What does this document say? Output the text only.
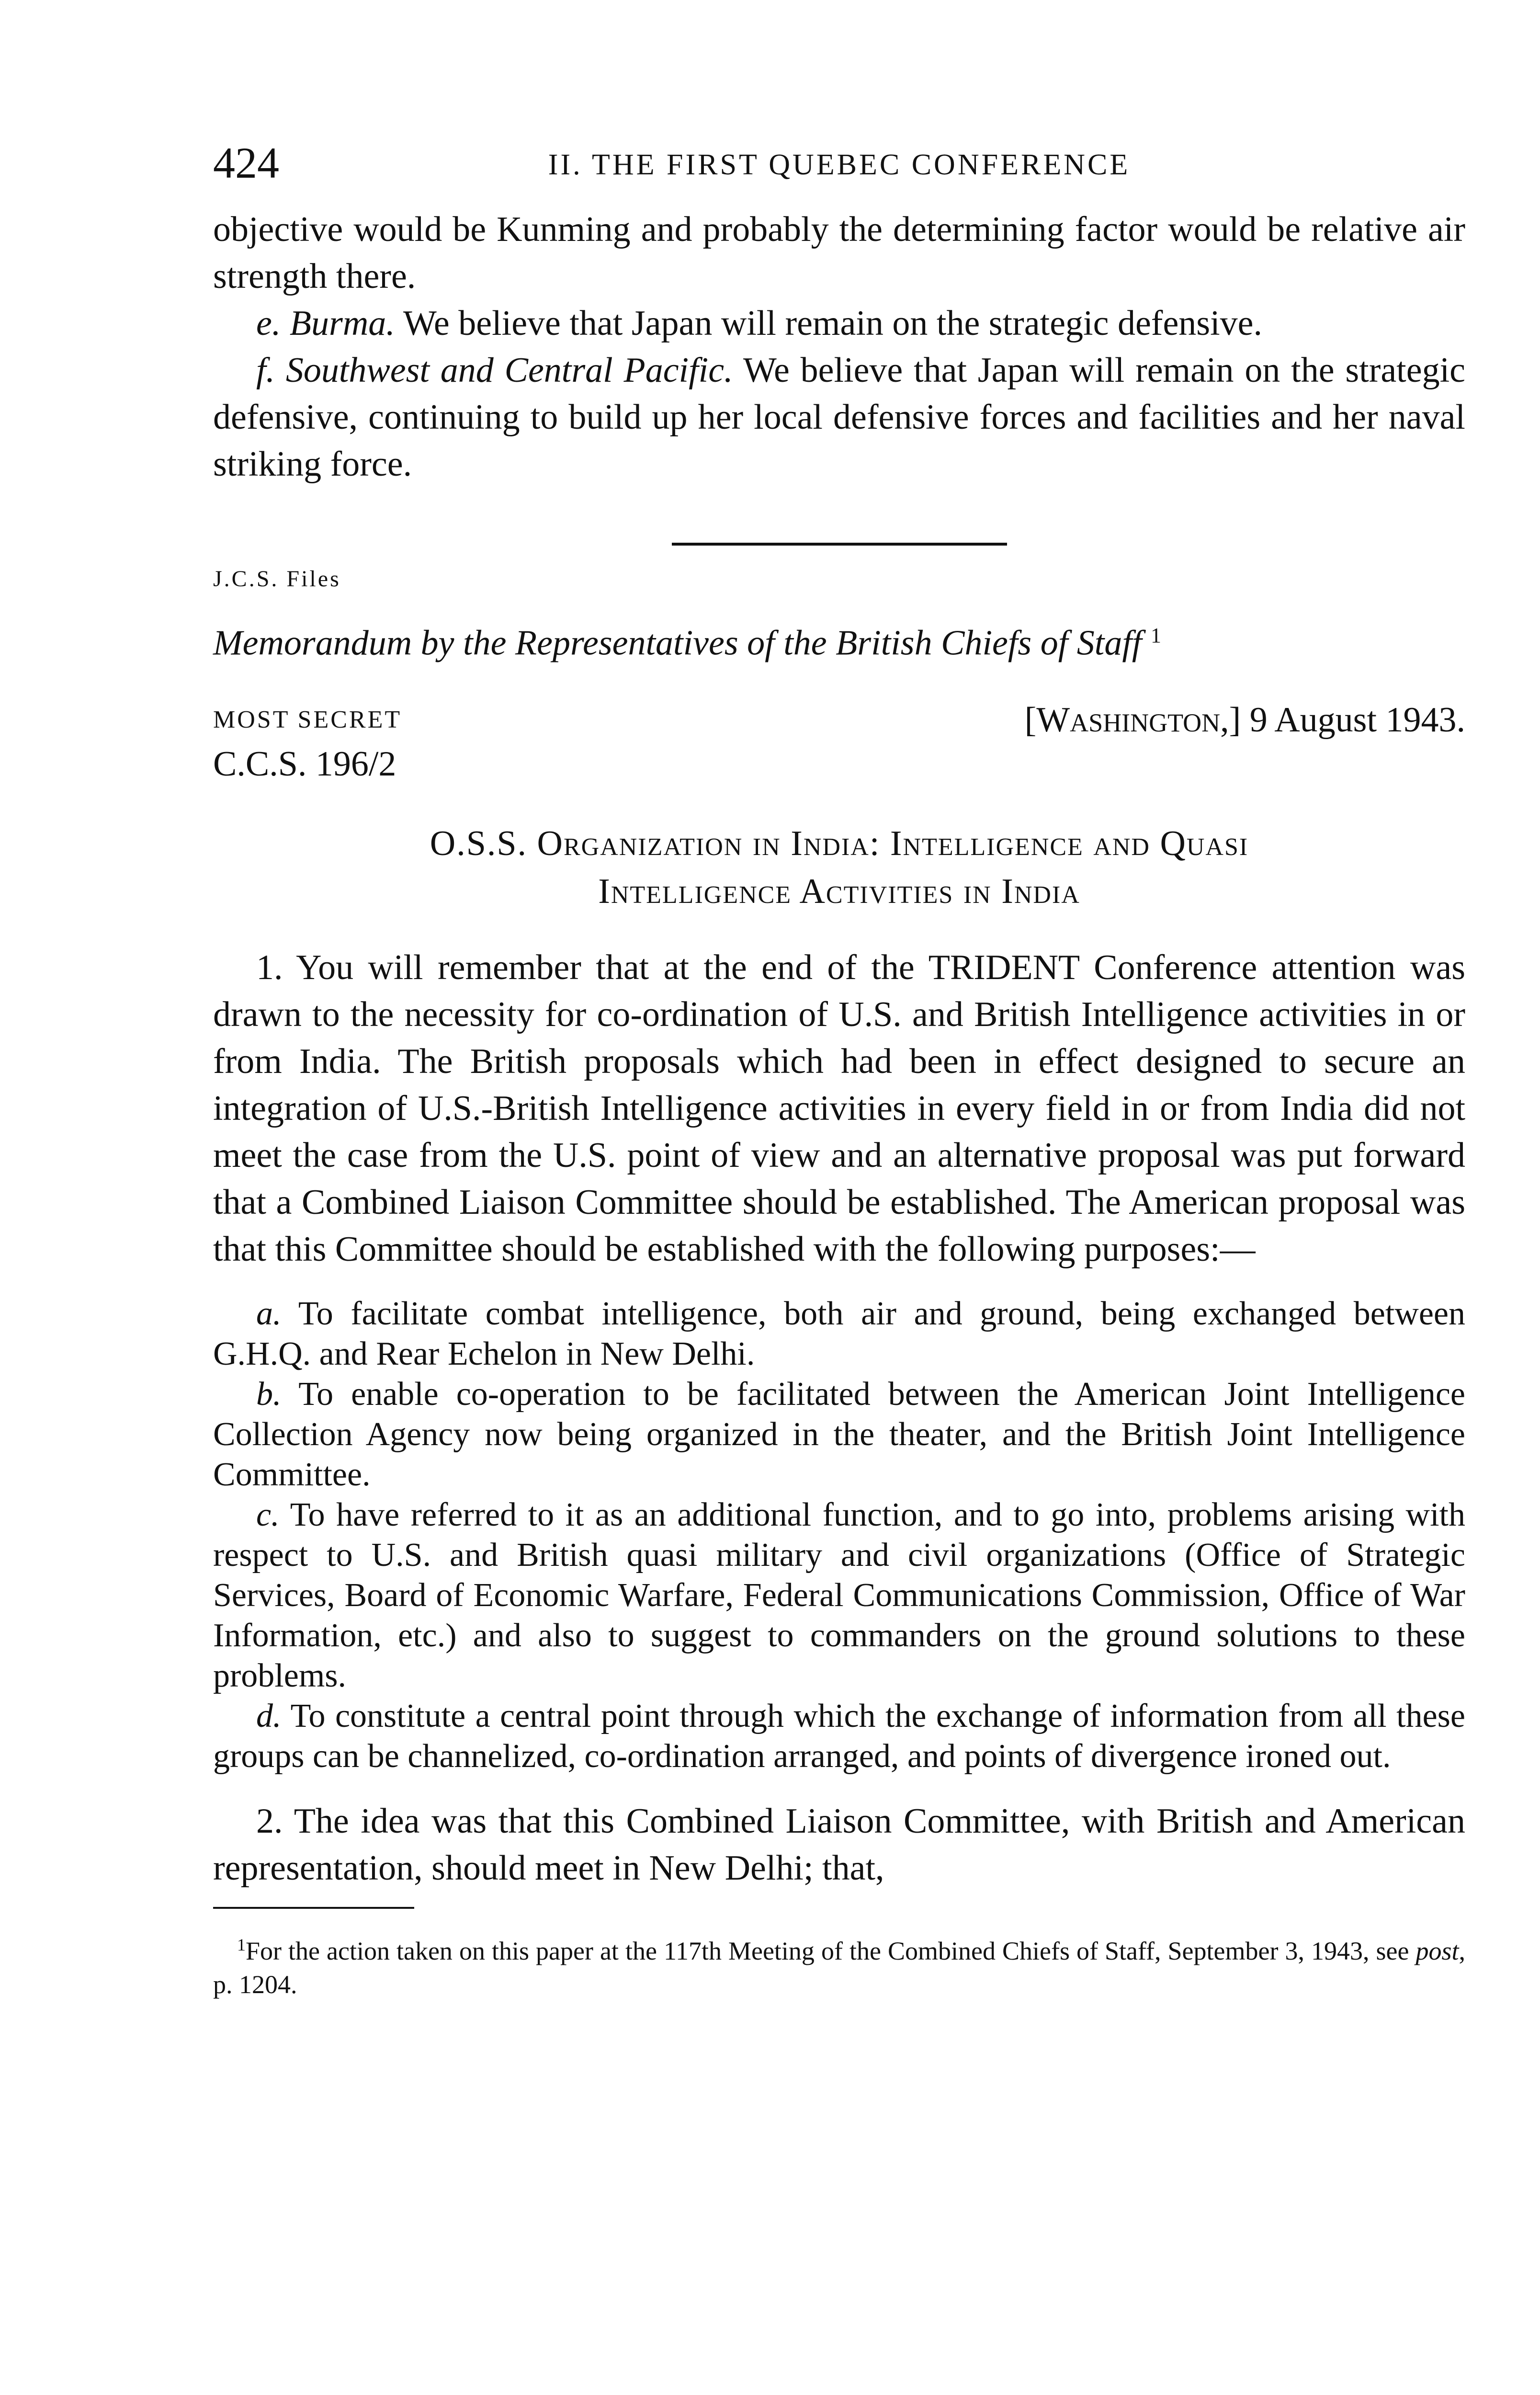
424	II. THE FIRST QUEBEC CONFERENCE

objective would be Kunming and probably the determining factor would be relative air strength there.

e. Burma. We believe that Japan will remain on the strategic defensive.

f. Southwest and Central Pacific. We believe that Japan will remain on the strategic defensive, continuing to build up her local defensive forces and facilities and her naval striking force.

J.C.S. Files
Memorandum by the Representatives of the British Chiefs of Staff $^1$
MOST SECRET	[WASHINGTON,] 9 August 1943.
C.C.S. 196/2
O.S.S. Organization in India: Intelligence and Quasi
Intelligence Activities in India

1. You will remember that at the end of the TRIDENT Conference attention was drawn to the necessity for co-ordination of U.S. and British Intelligence activities in or from India. The British proposals which had been in effect designed to secure an integration of U.S.-British Intelligence activities in every field in or from India did not meet the case from the U.S. point of view and an alternative proposal was put forward that a Combined Liaison Committee should be established. The American proposal was that this Committee should be established with the following purposes:—

a. To facilitate combat intelligence, both air and ground, being exchanged between G.H.Q. and Rear Echelon in New Delhi.

b. To enable co-operation to be facilitated between the American Joint Intelligence Collection Agency now being organized in the theater, and the British Joint Intelligence Committee.

c. To have referred to it as an additional function, and to go into, problems arising with respect to U.S. and British quasi military and civil organizations (Office of Strategic Services, Board of Economic Warfare, Federal Communications Commission, Office of War Information, etc.) and also to suggest to commanders on the ground solutions to these problems.

d. To constitute a central point through which the exchange of information from all these groups can be channelized, co-ordination arranged, and points of divergence ironed out.

2. The idea was that this Combined Liaison Committee, with British and American representation, should meet in New Delhi; that,

$^1$For the action taken on this paper at the 117th Meeting of the Combined Chiefs of Staff, September 3, 1943, see post, p. 1204.
